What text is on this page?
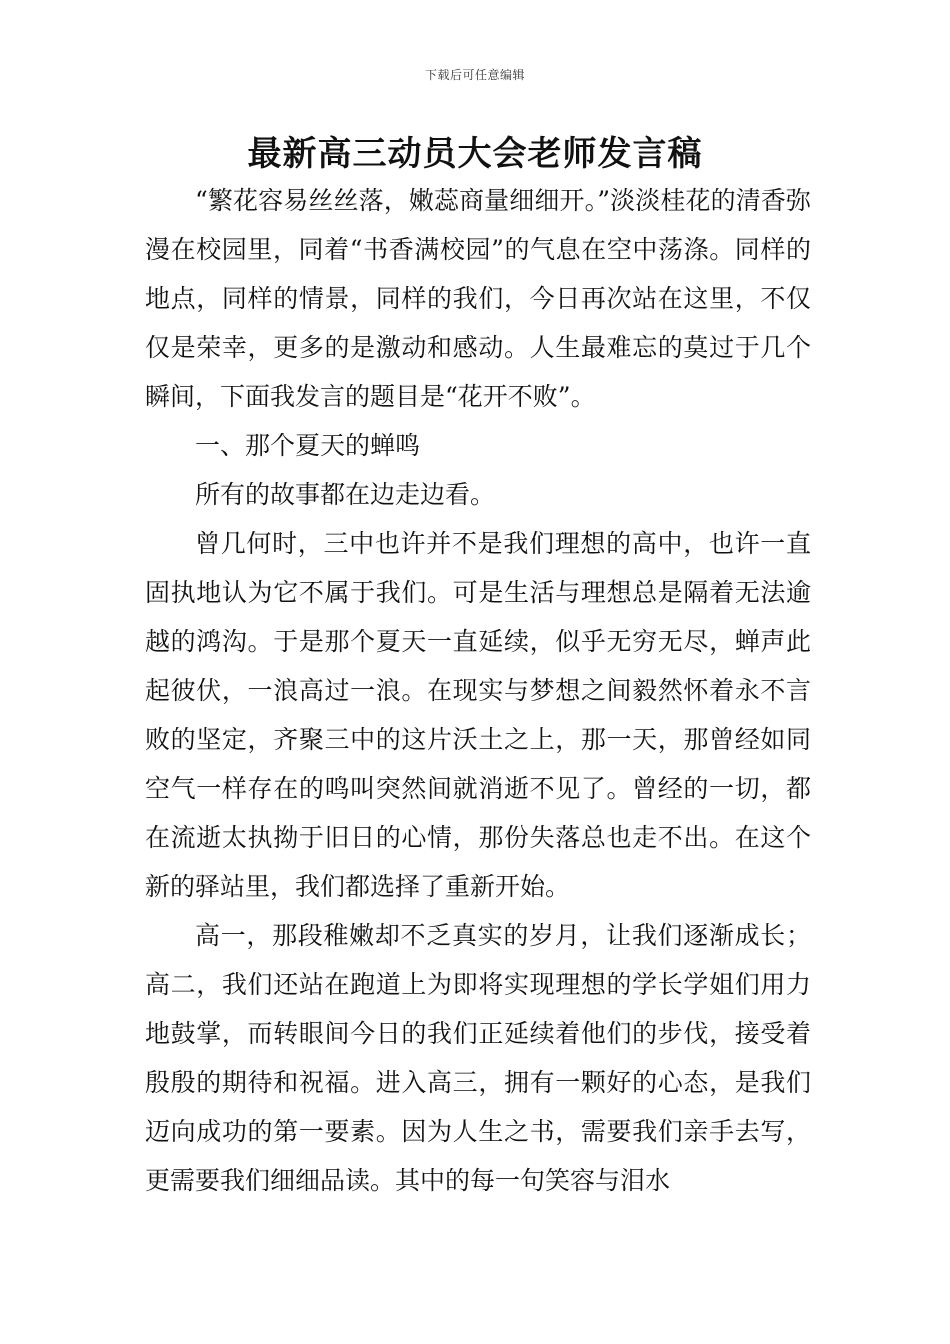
下载后可任意编辑
最新高三动员大会老师发言稿

“繁花容易丝丝落，嫩蕊商量细细开。”淡淡桂花的清香弥漫在校园里，同着“书香满校园”的气息在空中荡涤。同样的地点，同样的情景，同样的我们，今日再次站在这里，不仅仅是荣幸，更多的是激动和感动。人生最难忘的莫过于几个瞬间，下面我发言的题目是“花开不败”。

一、那个夏天的蝉鸣

所有的故事都在边走边看。

曾几何时，三中也许并不是我们理想的高中，也许一直固执地认为它不属于我们。可是生活与理想总是隔着无法逾越的鸿沟。于是那个夏天一直延续，似乎无穷无尽，蝉声此起彼伏，一浪高过一浪。在现实与梦想之间毅然怀着永不言败的坚定，齐聚三中的这片沃土之上，那一天，那曾经如同空气一样存在的鸣叫突然间就消逝不见了。曾经的一切，都在流逝太执拗于旧日的心情，那份失落总也走不出。在这个新的驿站里，我们都选择了重新开始。

高一，那段稚嫩却不乏真实的岁月，让我们逐渐成长；高二，我们还站在跑道上为即将实现理想的学长学姐们用力地鼓掌，而转眼间今日的我们正延续着他们的步伐，接受着殷殷的期待和祝福。进入高三，拥有一颗好的心态，是我们迈向成功的第一要素。因为人生之书，需要我们亲手去写，更需要我们细细品读。其中的每一句笑容与泪水
